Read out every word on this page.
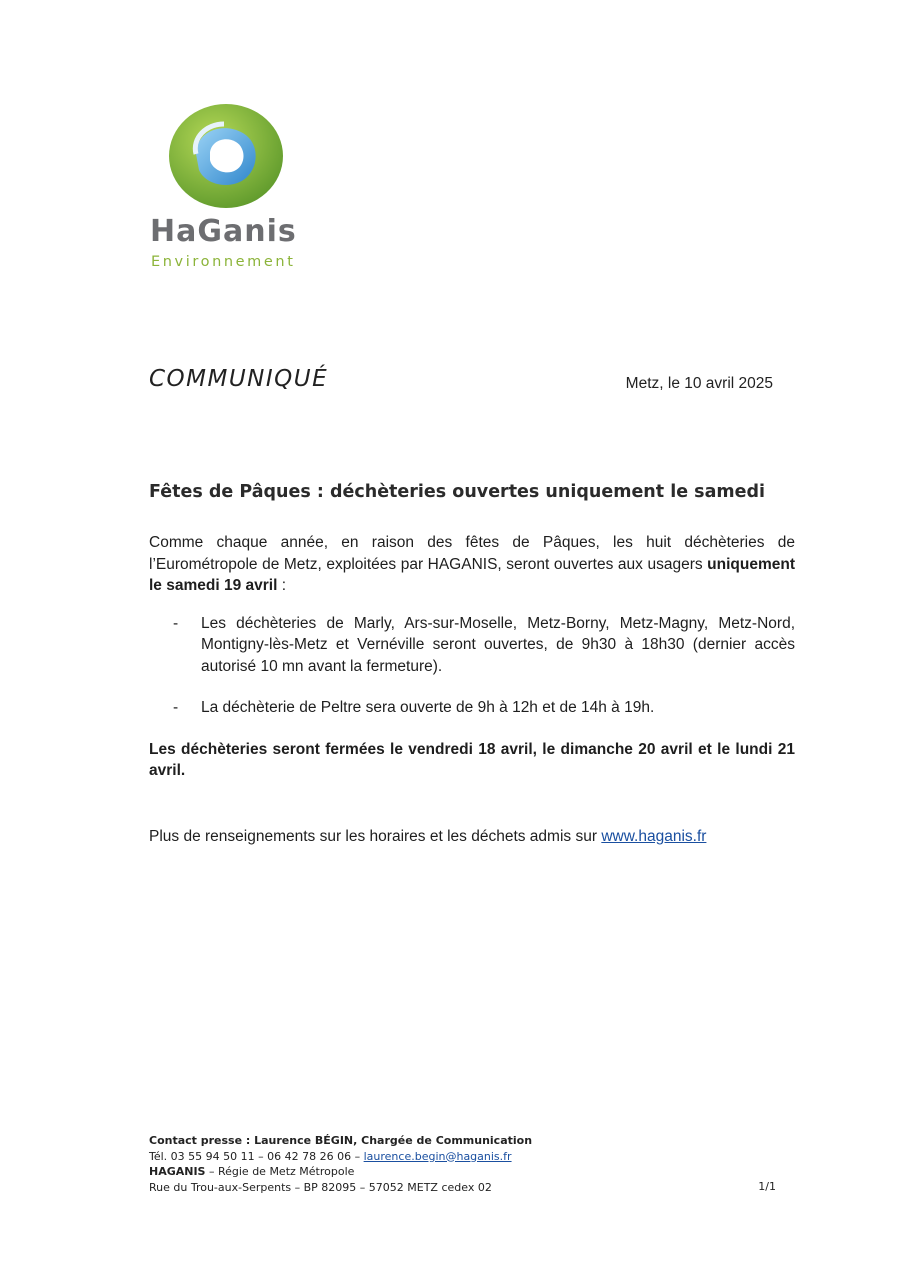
HaGanis
Environnement
COMMUNIQUÉ	Metz, le 10 avril 2025
Fêtes de Pâques : déchèteries ouvertes uniquement le samedi

Comme chaque année, en raison des fêtes de Pâques, les huit déchèteries de l’Eurométropole de Metz, exploitées par HAGANIS, seront ouvertes aux usagers uniquement le samedi 19 avril :

- Les déchèteries de Marly, Ars-sur-Moselle, Metz-Borny, Metz-Magny, Metz-Nord, Montigny-lès-Metz et Vernéville seront ouvertes, de 9h30 à 18h30 (dernier accès autorisé 10 mn avant la fermeture).
- La déchèterie de Peltre sera ouverte de 9h à 12h et de 14h à 19h.

Les déchèteries seront fermées le vendredi 18 avril, le dimanche 20 avril et le lundi 21 avril.

Plus de renseignements sur les horaires et les déchets admis sur www.haganis.fr

Contact presse : Laurence BÉGIN, Chargée de Communication
Tél. 03 55 94 50 11 – 06 42 78 26 06 – laurence.begin@haganis.fr
HAGANIS – Régie de Metz Métropole
Rue du Trou-aux-Serpents – BP 82095 – 57052 METZ cedex 02	1/1
